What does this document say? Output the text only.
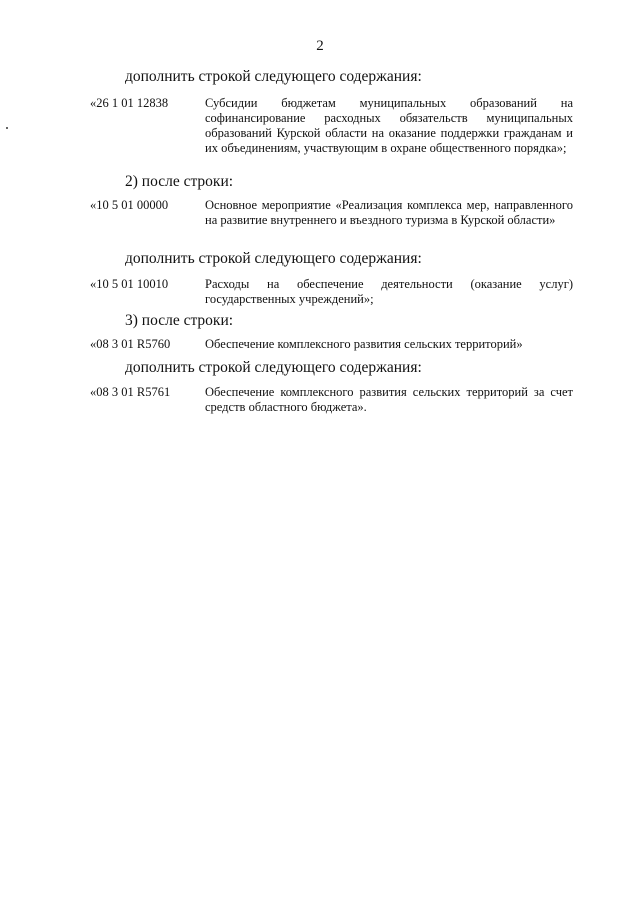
2
дополнить строкой следующего содержания:
«26 1 01 12838	Субсидии бюджетам муниципальных образований на софинансирование расходных обязательств муниципальных образований Курской области на оказание поддержки гражданам и их объединениям, участвующим в охране общественного порядка»;
2) после строки:
«10 5 01 00000	Основное мероприятие «Реализация комплекса мер, направленного на развитие внутреннего и въездного туризма в Курской области»
дополнить строкой следующего содержания:
«10 5 01 10010	Расходы на обеспечение деятельности (оказание услуг) государственных учреждений»;
3) после строки:
«08 3 01 R5760	Обеспечение комплексного развития сельских территорий»
дополнить строкой следующего содержания:
«08 3 01 R5761	Обеспечение комплексного развития сельских территорий за счет средств областного бюджета».
